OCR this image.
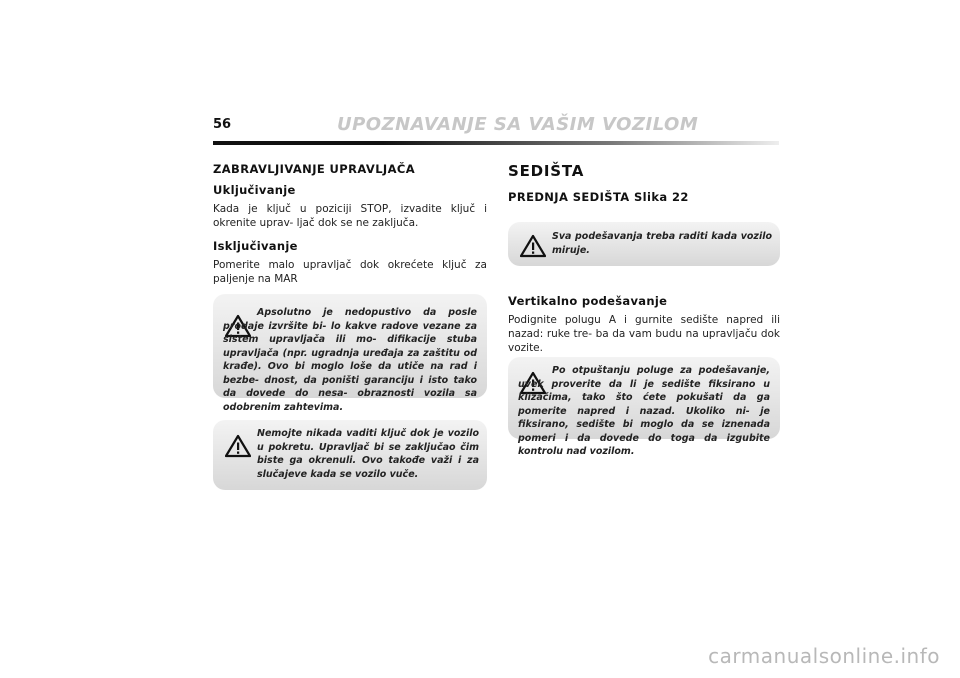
56	UPOZNAVANJE SA VAŠIM VOZILOM
ZABRAVLJIVANJE UPRAVLJAČA
Uključivanje

Kada je ključ u poziciji STOP, izvadite ključ i okrenite uprav- ljač dok se ne zaključa.

Isključivanje

Pomerite malo upravljač dok okrećete ključ za paljenje na MAR

Apsolutno je nedopustivo da posle prodaje izvršite bi- lo kakve radove vezane za sistem upravljača ili mo- difikacije stuba upravljača (npr. ugradnja uređaja za zaštitu od krađe). Ovo bi moglo loše da utiče na rad i bezbe- dnost, da poništi garanciju i isto tako da dovede do nesa- obraznosti vozila sa odobrenim zahtevima.
Nemojte nikada vaditi ključ dok je vozilo u pokretu. Upravljač bi se zaključao čim biste ga okrenuli. Ovo takođe važi i za slučajeve kada se vozilo vuče.
SEDIŠTA
PREDNJA SEDIŠTA Slika 22
Sva podešavanja treba raditi kada vozilo miruje.
Vertikalno podešavanje

Podignite polugu A i gurnite sedište napred ili nazad: ruke tre- ba da vam budu na upravljaču dok vozite.

Po otpuštanju poluge za podešavanje, uvek proverite da li je sedište fiksirano u klizačima, tako što ćete pokušati da ga pomerite napred i nazad. Ukoliko ni- je fiksirano, sedište bi moglo da se iznenada pomeri i da dovede do toga da izgubite kontrolu nad vozilom.
carmanualsonline.info
